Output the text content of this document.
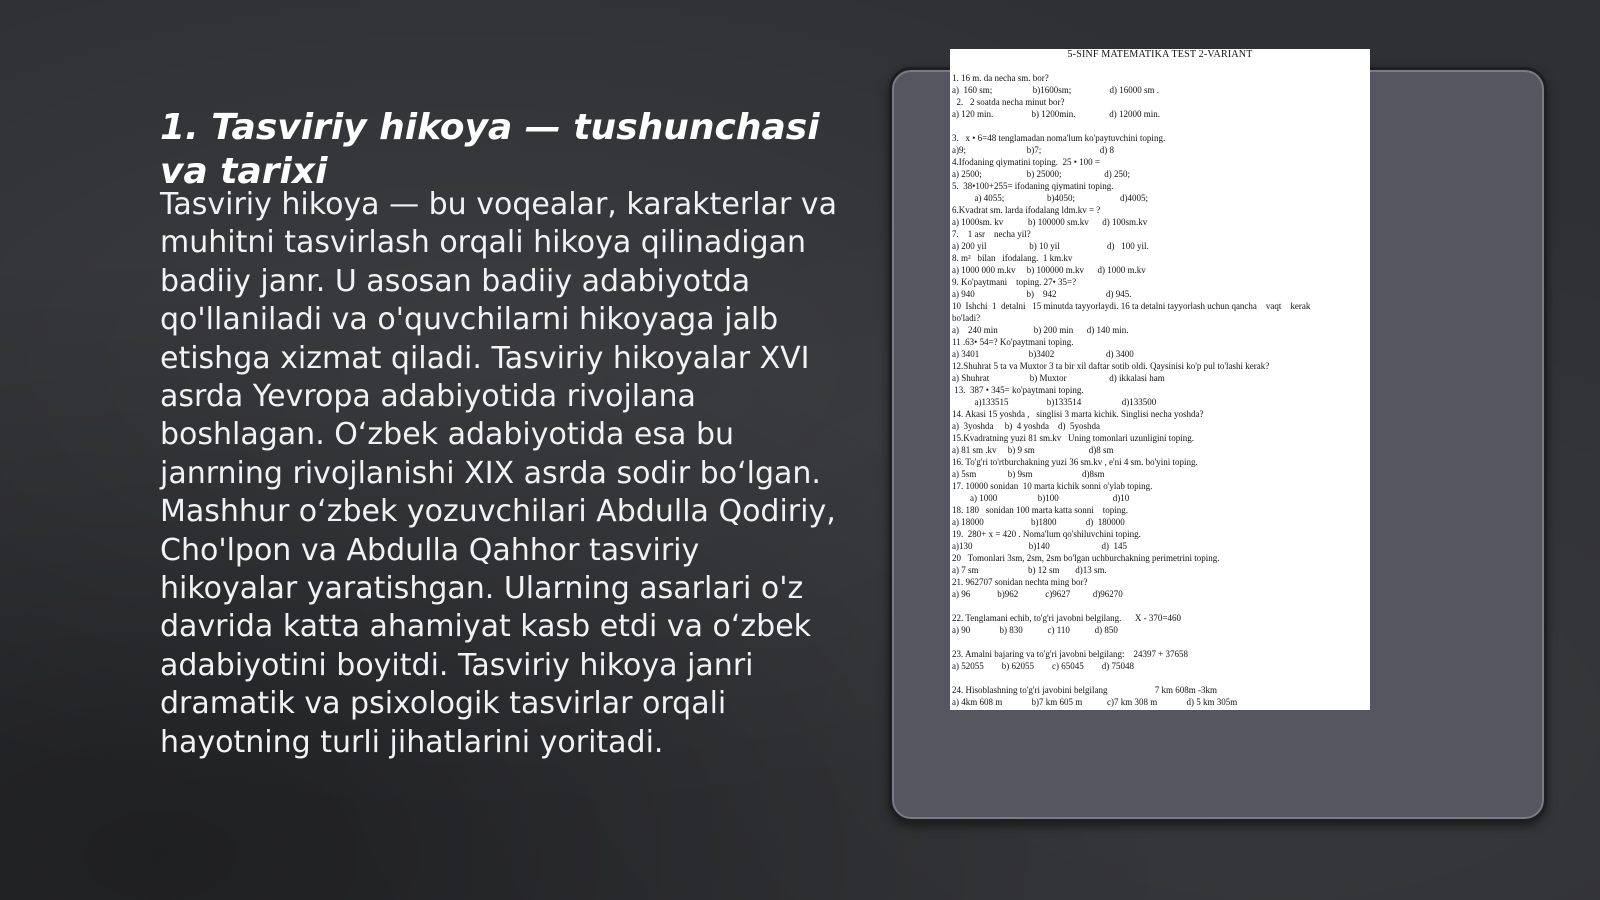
1. Tasviriy hikoya — tushunchasi va tarixi

Tasviriy hikoya — bu voqealar, karakterlar va muhitni tasvirlash orqali hikoya qilinadigan badiiy janr. U asosan badiiy adabiyotda qo'llaniladi va o'quvchilarni hikoyaga jalb etishga xizmat qiladi. Tasviriy hikoyalar XVI asrda Yevropa adabiyotida rivojlana boshlagan. O‘zbek adabiyotida esa bu janrning rivojlanishi XIX asrda sodir bo‘lgan. Mashhur o‘zbek yozuvchilari Abdulla Qodiriy, Cho'lpon va Abdulla Qahhor tasviriy hikoyalar yaratishgan. Ularning asarlari o'z davrida katta ahamiyat kasb etdi va o‘zbek adabiyotini boyitdi. Tasviriy hikoya janri dramatik va psixologik tasvirlar orqali hayotning turli jihatlarini yoritadi.

5-SINF MATEMATIKA TEST 2-VARIANT
1. 16 m. da necha sm. bor?
a)  160 sm;                  b)1600sm;                 d) 16000 sm .
2.   2 soatda necha minut bor?
a) 120 min.                 b) 1200min.               d) 12000 min.
3.   x • 6=48 tenglamadan noma'lum ko'paytuvchini toping.
a)9;                           b)7;                          d) 8
4.Ifodaning qiymatini toping.  25 • 100 =
a) 2500;                    b) 25000;                   d) 250;
5.  38•100+255= ifodaning qiymatini toping.
a) 4055;                   b)4050;                    d)4005;
6.Kvadrat sm. larda ifodalang ldm.kv = ?
a) 1000sm. kv           b) 100000 sm.kv      d) 100sm.kv
7.    1 asr    necha yil?
a) 200 yil                   b) 10 yil                     d)   100 yil.
8. m²   bilan   ifodalang.  1 km.kv
a) 1000 000 m.kv     b) 100000 m.kv      d) 1000 m.kv
9. Ko'paytmani    toping. 27• 35=?
a) 940                       b)    942                      d) 945.
10  Ishchi  1  detalni   15 minutda tayyorlaydi. 16 ta detalni tayyorlash uchun qancha    vaqt    kerak
bo'ladi?
a)    240 min                b) 200 min      d) 140 min.
11 .63• 54=? Ko'paytmani toping.
a) 3401                      b)3402                       d) 3400
12.Shuhrat 5 ta va Muxtor 3 ta bir xil daftar sotib oldi. Qaysinisi ko'p pul to'lashi kerak?
a) Shuhrat                  b) Muxtor                   d) ikkalasi ham
13.  387 • 345= ko'paytmani toping.
a)133515                 b)133514                  d)133500
14. Akasi 15 yoshda ,   singlisi 3 marta kichik. Singlisi necha yoshda?
a)  3yoshda     b)  4 yoshda    d)  5yoshda
15.Kvadratning yuzi 81 sm.kv   Uning tomonlari uzunligini toping.
a) 81 sm .kv     b) 9 sm                        d)8 sm
16. To'g'ri to'rtburchakning yuzi 36 sm.kv , e'ni 4 sm. bo'yini toping.
a) 5sm              b) 9sm                      d)8sm
17. 10000 sonidan  10 marta kichik sonni o'ylab toping.
a) 1000                  b)100                        d)10
18. 180   sonidan 100 marta katta sonni    toping.
a) 18000                     b)1800             d)  180000
19.  280+ x = 420 . Noma'lum qo'shiluvchini toping.
a)130                         b)140                       d)  145
20   Tomonlari 3sm, 2sm, 2sm bo'lgan uchburchakning perimetrini toping.
a) 7 sm                      b) 12 sm       d)13 sm.
21. 962707 sonidan nechta ming bor?
a) 96            b)962            c)9627          d)96270
22. Tenglamani echib, to'g'ri javobni belgilang.      X - 370=460
a) 90             b) 830           c) 110           d) 850
23. Amalni bajaring va to'g'ri javobni belgilang:    24397 + 37658
a) 52055        b) 62055        c) 65045        d) 75048
24. Hisoblashning to'g'ri javobini belgilang                     7 km 608m -3km
a) 4km 608 m             b)7 km 605 m           c)7 km 308 m             d) 5 km 305m
